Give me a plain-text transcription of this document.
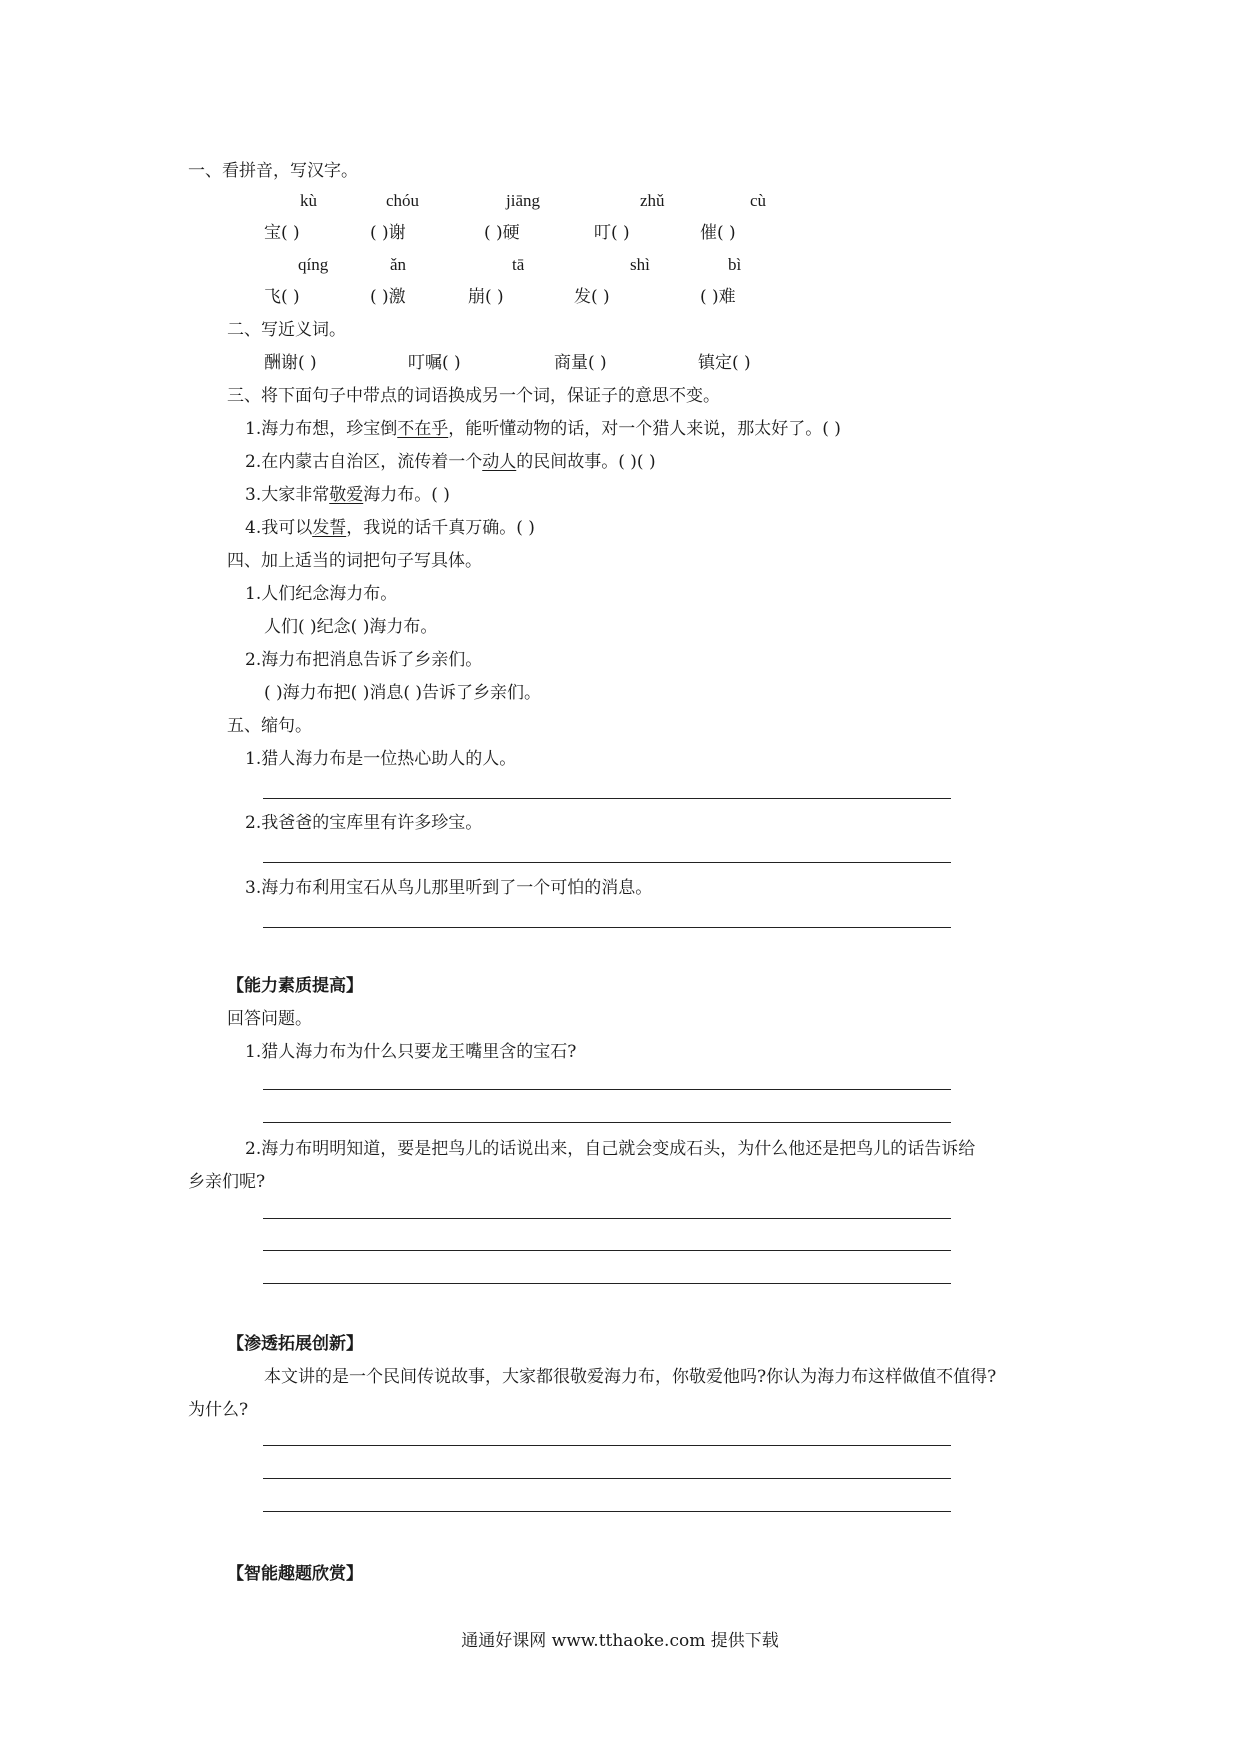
一、看拼音，写汉字。
kù	chóu	jiāng	zhǔ	cù
宝( )	( )谢	( )硬	叮( )	催( )
qíng	ǎn	tā	shì	bì
飞( )	( )激	崩( )	发( )	( )难
二、写近义词。
酬谢( )	叮嘱( )	商量( )	镇定( )
三、将下面句子中带点的词语换成另一个词，保证子的意思不变。
1.海力布想，珍宝倒不在乎，能听懂动物的话，对一个猎人来说，那太好了。( )
2.在内蒙古自治区，流传着一个动人的民间故事。( )( )
3.大家非常敬爱海力布。( )
4.我可以发誓，我说的话千真万确。( )
四、加上适当的词把句子写具体。
1.人们纪念海力布。
人们( )纪念( )海力布。
2.海力布把消息告诉了乡亲们。
( )海力布把( )消息( )告诉了乡亲们。
五、缩句。
1.猎人海力布是一位热心助人的人。
2.我爸爸的宝库里有许多珍宝。
3.海力布利用宝石从鸟儿那里听到了一个可怕的消息。
【能力素质提高】
回答问题。
1.猎人海力布为什么只要龙王嘴里含的宝石?
2.海力布明明知道，要是把鸟儿的话说出来，自己就会变成石头，为什么他还是把鸟儿的话告诉给
乡亲们呢?
【渗透拓展创新】
本文讲的是一个民间传说故事，大家都很敬爱海力布，你敬爱他吗?你认为海力布这样做值不值得?
为什么?
【智能趣题欣赏】
通通好课网 www.tthaoke.com 提供下载
